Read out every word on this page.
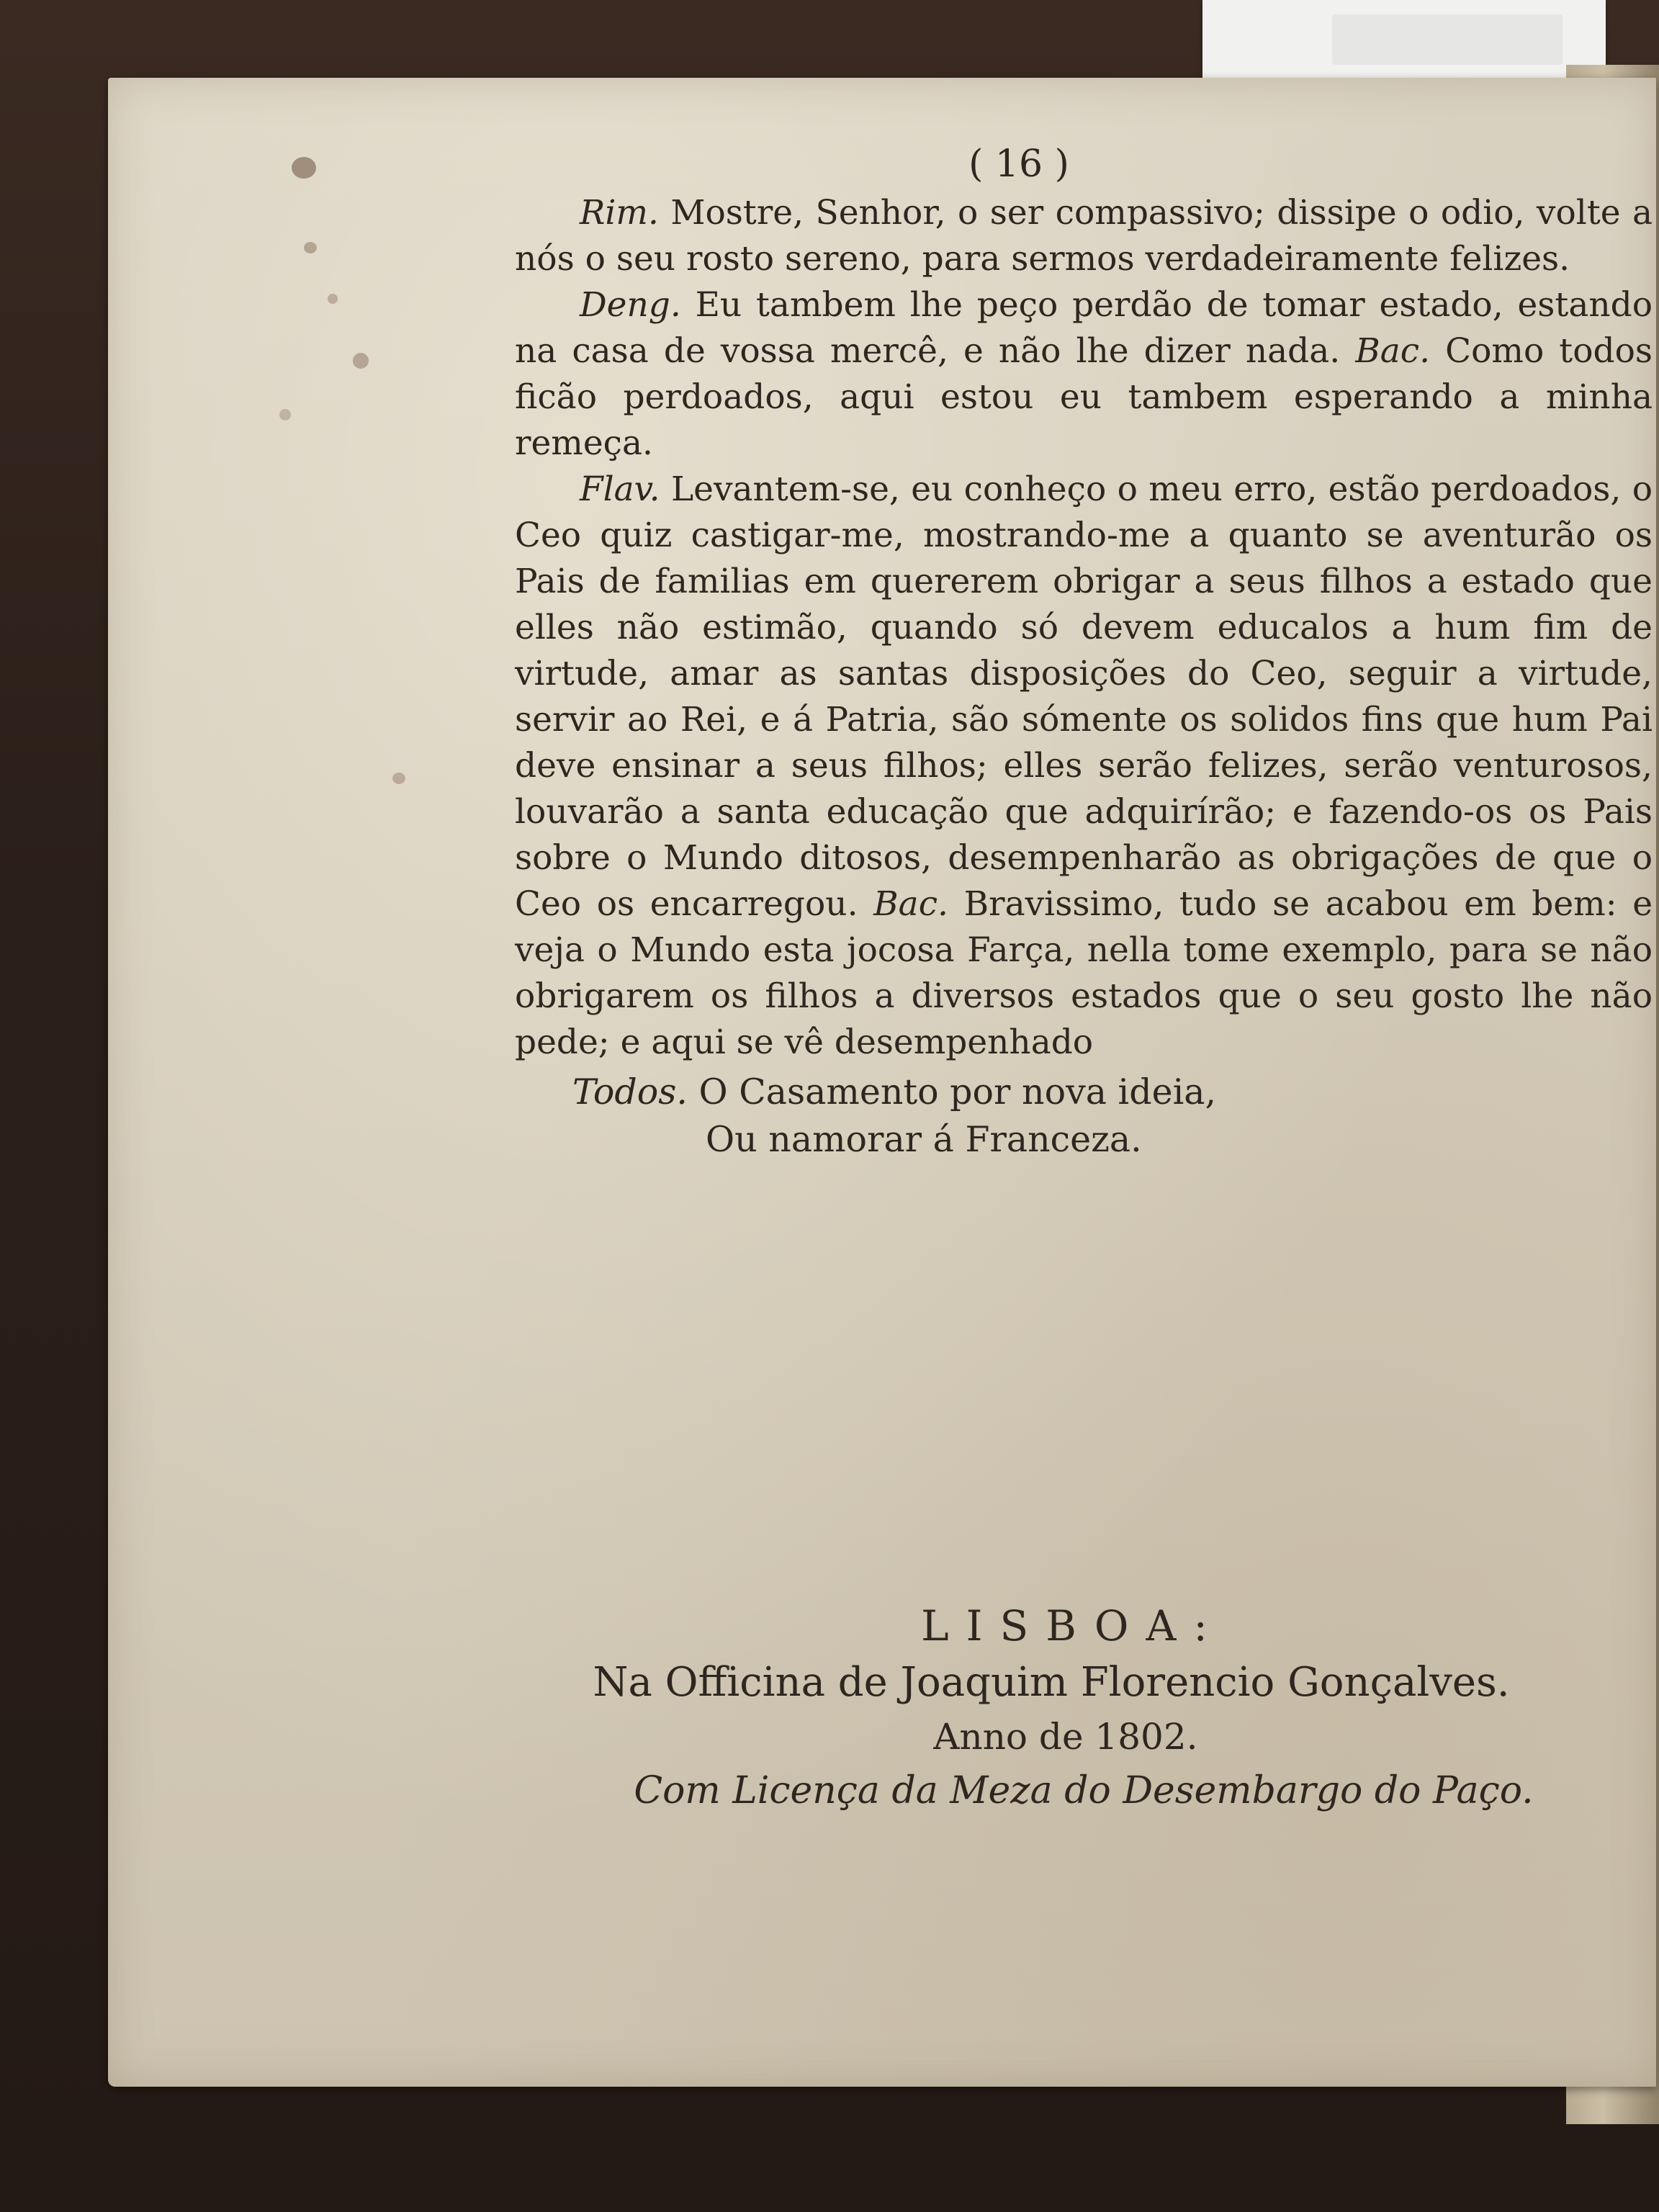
( 16 )

Rim. Mostre, Senhor, o ser compassivo; dissipe o odio, volte a nós o seu rosto sereno, para sermos verdadeiramente felizes.

Deng. Eu tambem lhe peço perdão de tomar estado, estando na casa de vossa mercê, e não lhe dizer nada. Bac. Como todos ficão perdoados, aqui estou eu tambem esperando a minha remeça.

Flav. Levantem-se, eu conheço o meu erro, estão perdoados, o Ceo quiz castigar-me, mostrando-me a quanto se aventurão os Pais de familias em quererem obrigar a seus filhos a estado que elles não estimão, quando só devem educalos a hum fim de virtude, amar as santas disposições do Ceo, seguir a virtude, servir ao Rei, e á Patria, são sómente os solidos fins que hum Pai deve ensinar a seus filhos; elles serão felizes, serão venturosos, louvarão a santa educação que adquirírão; e fazendo-os os Pais sobre o Mundo ditosos, desempenharão as obrigações de que o Ceo os encarregou. Bac. Bravissimo, tudo se acabou em bem: e veja o Mundo esta jocosa Farça, nella tome exemplo, para se não obrigarem os filhos a diversos estados que o seu gosto lhe não pede; e aqui se vê desempenhado

Todos. O Casamento por nova ideia,
Ou namorar á Franceza.
LISBOA:
Na Officina de Joaquim Florencio Gonçalves.
Anno de 1802.
Com Licença da Meza do Desembargo do Paço.
